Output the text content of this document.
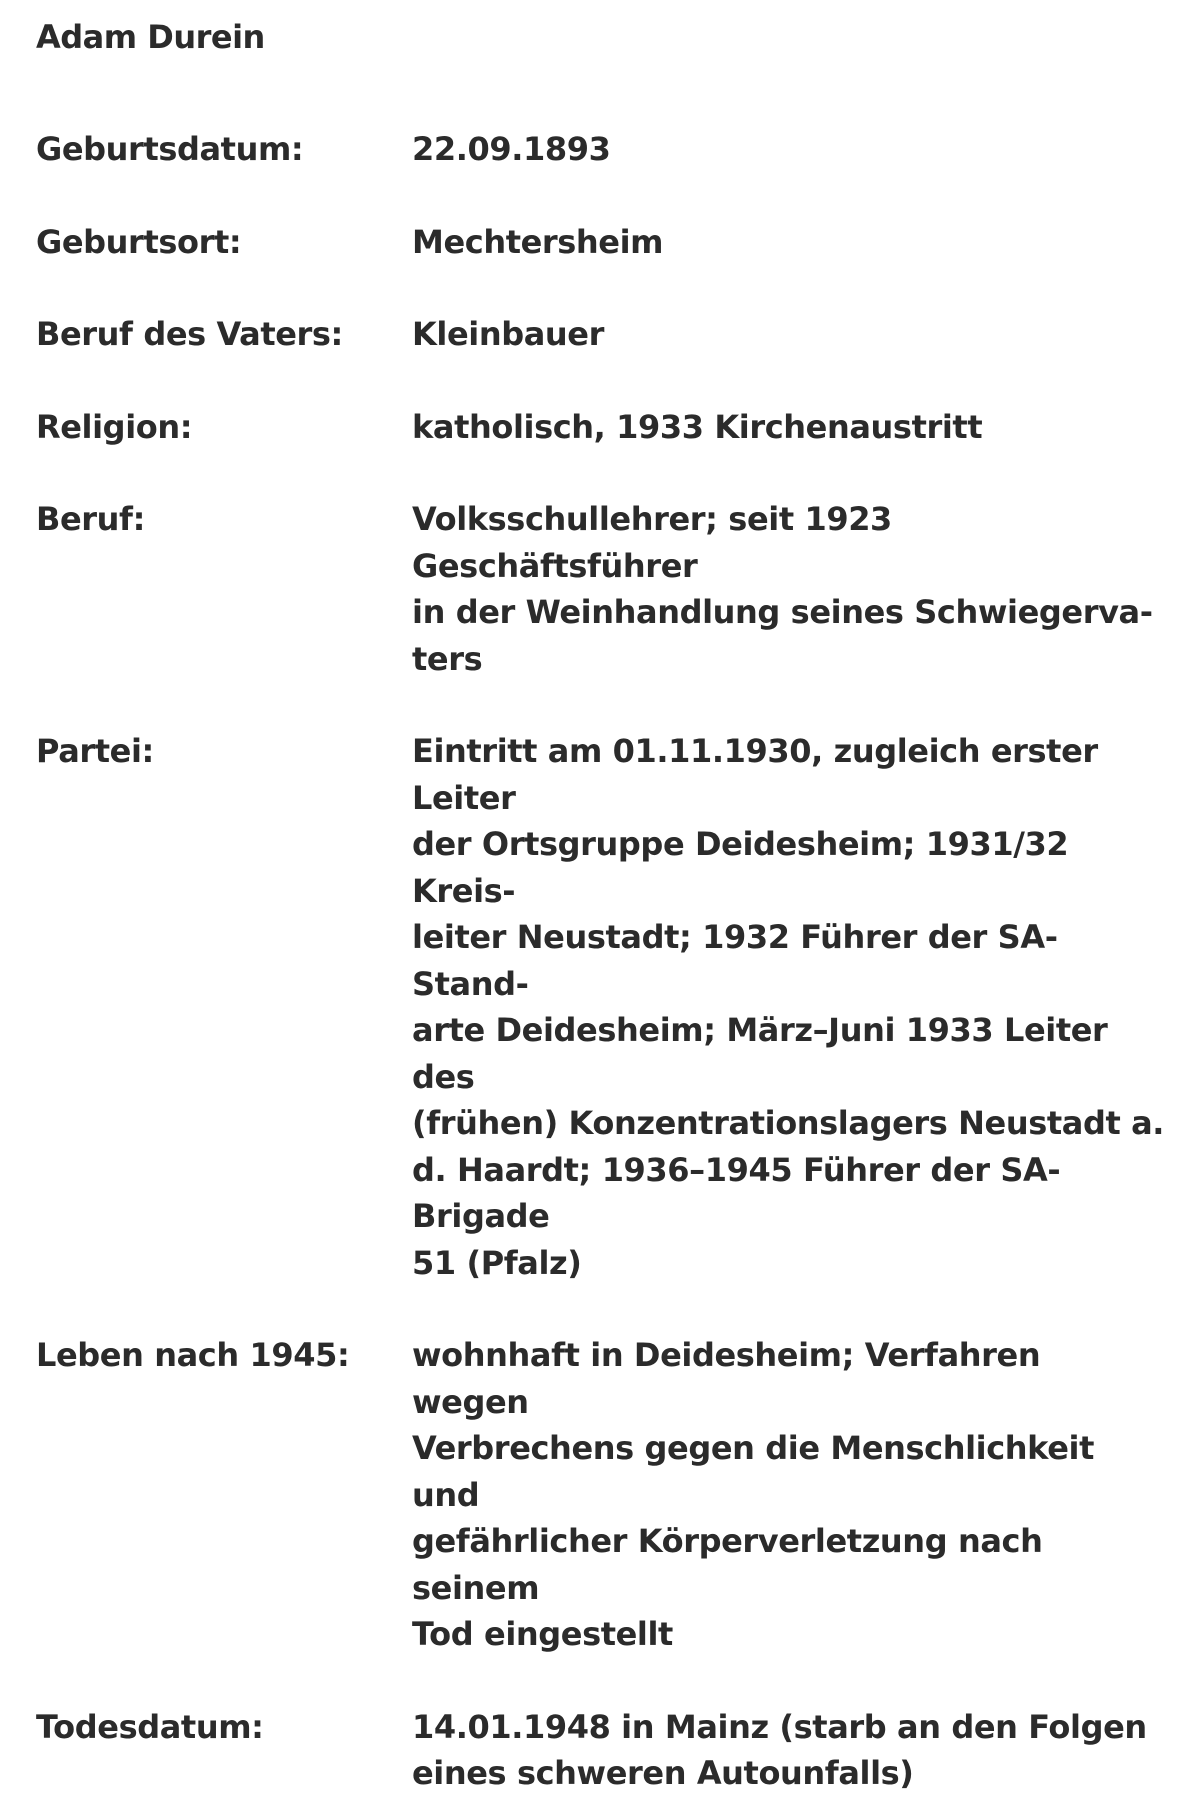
Adam Durein
Geburtsdatum:	22.09.1893
Geburtsort:	Mechtersheim
Beruf des Vaters:	Kleinbauer
Religion:	katholisch, 1933 Kirchenaustritt
Beruf:	Volksschullehrer; seit 1923 Geschäftsführer
in der Weinhandlung seines Schwiegerva-
ters
Partei:	Eintritt am 01.11.1930, zugleich erster Leiter
der Ortsgruppe Deidesheim; 1931/32 Kreis-
leiter Neustadt; 1932 Führer der SA-Stand-
arte Deidesheim; März–Juni 1933 Leiter des
(frühen) Konzentrationslagers Neustadt a.
d. Haardt; 1936–1945 Führer der SA-Brigade
51 (Pfalz)
Leben nach 1945:	wohnhaft in Deidesheim; Verfahren wegen
Verbrechens gegen die Menschlichkeit und
gefährlicher Körperverletzung nach seinem
Tod eingestellt
Todesdatum:	14.01.1948 in Mainz (starb an den Folgen
eines schweren Autounfalls)
